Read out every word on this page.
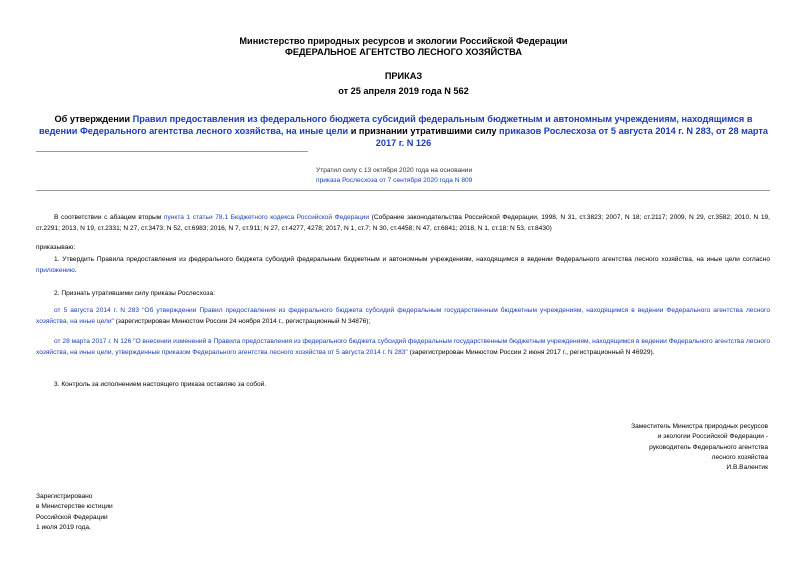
Министерство природных ресурсов и экологии Российской Федерации
ФЕДЕРАЛЬНОЕ АГЕНТСТВО ЛЕСНОГО ХОЗЯЙСТВА
ПРИКАЗ
от 25 апреля 2019 года N 562
Об утверждении Правил предоставления из федерального бюджета субсидий федеральным бюджетным и автономным учреждениям, находящимся в ведении Федерального агентства лесного хозяйства, на иные цели и признании утратившими силу приказов Рослесхоза от 5 августа 2014 г. N 283, от 28 марта 2017 г. N 126
Утратил силу с 13 октября 2020 года на основании
приказа Рослесхоза от 7 сентября 2020 года N 809
В соответствии с абзацем вторым пункта 1 статьи 78.1 Бюджетного кодекса Российской Федерации (Собрание законодательства Российской Федерации, 1998, N 31, ст.3823; 2007, N 18; ст.2117; 2009, N 29, ст.3582; 2010, N 19, ст.2291; 2013, N 19, ст.2331; N 27, ст.3473; N 52, ст.6983; 2016, N 7, ст.911; N 27, ст.4277, 4278; 2017, N 1, ст.7; N 30, ст.4458; N 47, ст.6841; 2018, N 1, ст.18; N 53, ст.8430)
приказываю:
1. Утвердить Правила предоставления из федерального бюджета субсидий федеральным бюджетным и автономным учреждениям, находящимся в ведении Федерального агентства лесного хозяйства, на иные цели согласно приложению.
2. Признать утратившими силу приказы Рослесхоза:
от 5 августа 2014 г. N 283 "Об утверждении Правил предоставления из федерального бюджета субсидий федеральным государственным бюджетным учреждениям, находящимся в ведении Федерального агентства лесного хозяйства, на иные цели" (зарегистрирован Минюстом России 24 ноября 2014 г., регистрационный N 34876);
от 28 марта 2017 г. N 126 "О внесении изменений в Правила предоставления из федерального бюджета субсидий федеральным государственным бюджетным учреждениям, находящимся в ведении Федерального агентства лесного хозяйства, на иные цели, утвержденные приказом Федерального агентства лесного хозяйства от 5 августа 2014 г. N 283" (зарегистрирован Минюстом России 2 июня 2017 г., регистрационный N 46929).
3. Контроль за исполнением настоящего приказа оставляю за собой.
Заместитель Министра природных ресурсов
и экологии Российской Федерации -
руководитель Федерального агентства
лесного хозяйства
И.В.Валентик
Зарегистрировано
в Министерстве юстиции
Российской Федерации
1 июля 2019 года,
